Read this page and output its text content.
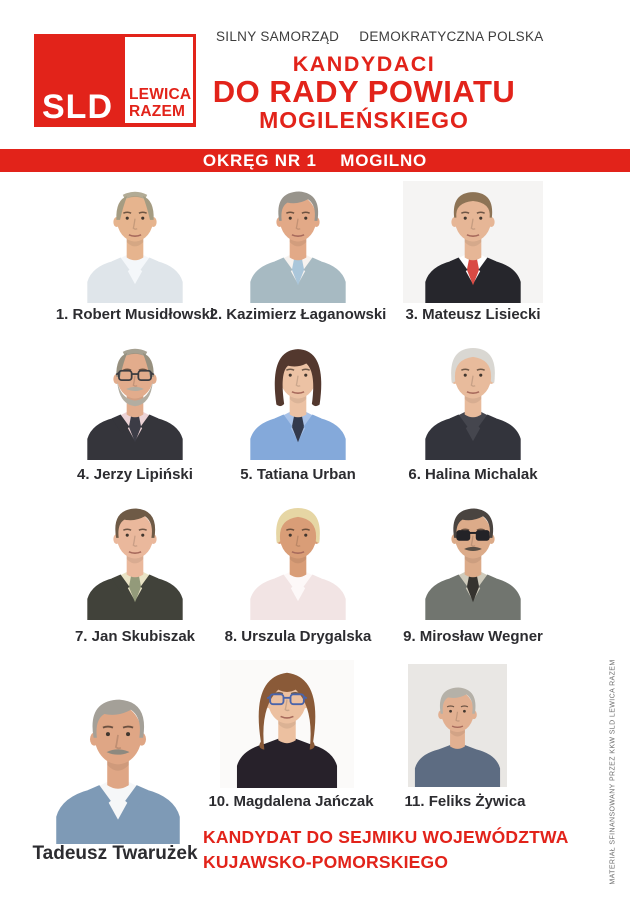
SLD LEWICA
RAZEM
SILNY SAMORZĄD DEMOKRATYCZNA POLSKA
KANDYDACI
DO RADY POWIATU
MOGILEŃSKIEGO
OKRĘG NR 1 MOGILNO
1. Robert Musidłowski
2. Kazimierz Łaganowski	3. Mateusz Lisiecki
4. Jerzy Lipiński	5. Tatiana Urban	6. Halina Michalak
7. Jan Skubiszak	8. Urszula Drygalska	9. Mirosław Wegner
10. Magdalena Jańczak	11. Feliks Żywica
Tadeusz Twarużek
KANDYDAT DO SEJMIKU WOJEWÓDZTWA
KUJAWSKO-POMORSKIEGO	MATERIAŁ SFINANSOWANY PRZEZ KKW SLD LEWICA RAZEM
